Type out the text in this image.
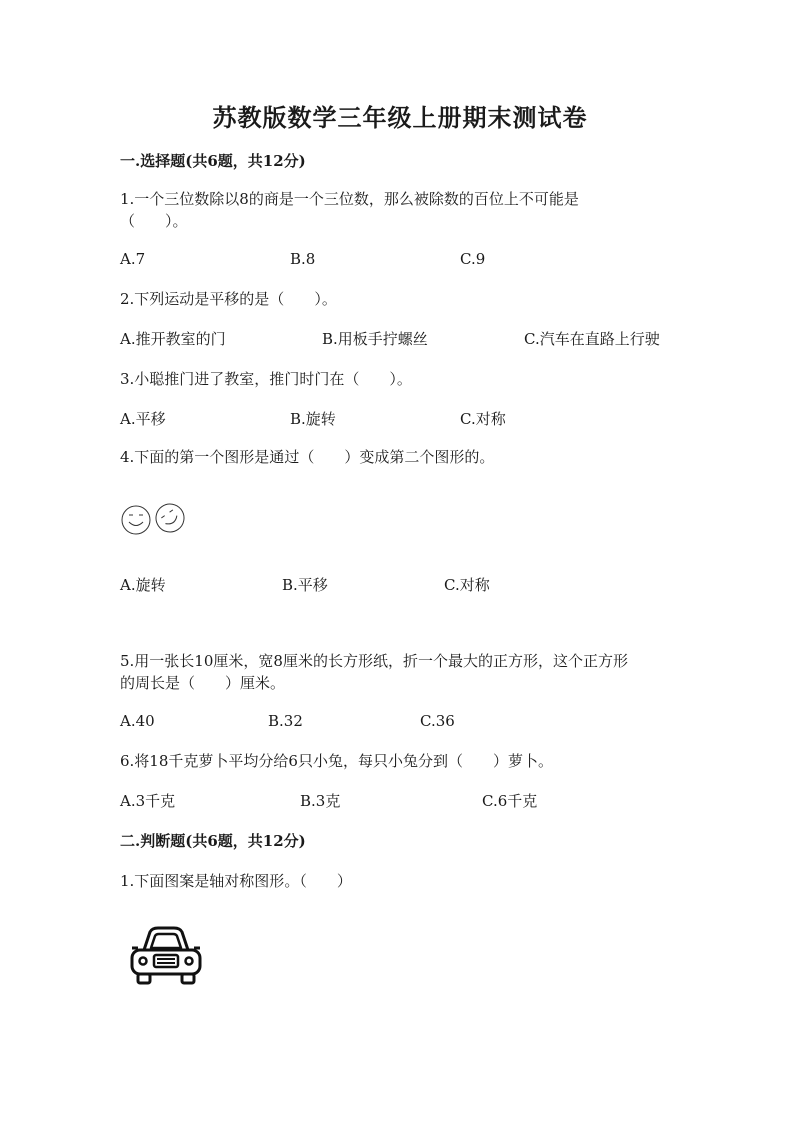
苏教版数学三年级上册期末测试卷
一.选择题(共6题，共12分)
1.一个三位数除以8的商是一个三位数，那么被除数的百位上不可能是
（　　）。
A.7	B.8	C.9
2.下列运动是平移的是（　　）。
A.推开教室的门	B.用板手拧螺丝	C.汽车在直路上行驶
3.小聪推门进了教室，推门时门在（　　）。
A.平移	B.旋转	C.对称
4.下面的第一个图形是通过（　　）变成第二个图形的。
A.旋转	B.平移	C.对称
5.用一张长10厘米，宽8厘米的长方形纸，折一个最大的正方形，这个正方形
的周长是（　　）厘米。
A.40	B.32	C.36
6.将18千克萝卜平均分给6只小兔，每只小兔分到（　　）萝卜。
A.3千克	B.3克	C.6千克
二.判断题(共6题，共12分)
1.下面图案是轴对称图形。（　　）
